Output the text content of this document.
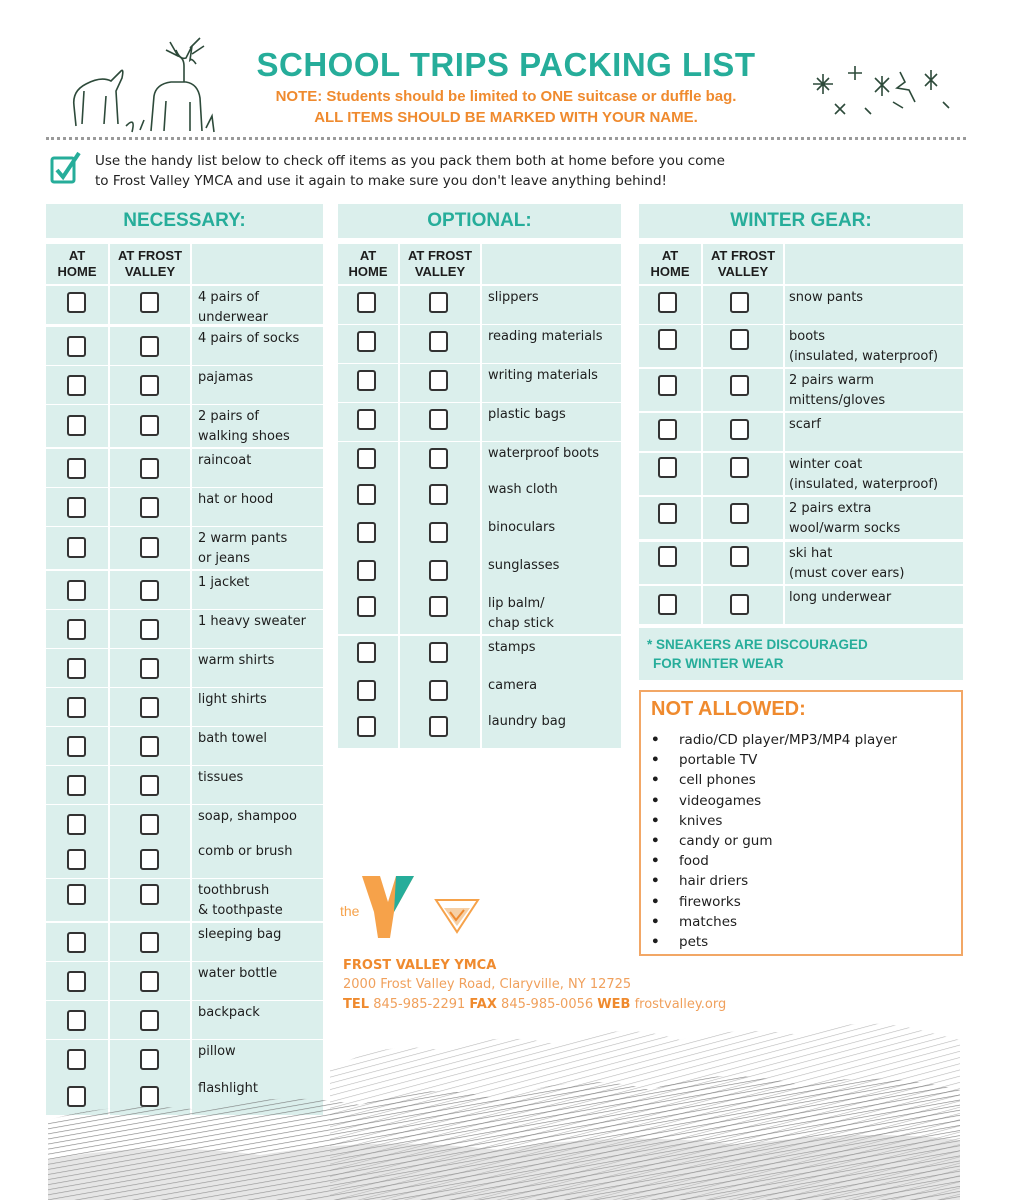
SCHOOL TRIPS PACKING LIST
NOTE: Students should be limited to ONE suitcase or duffle bag.
ALL ITEMS SHOULD BE MARKED WITH YOUR NAME.
Use the handy list below to check off items as you pack them both at home before you come
to Frost Valley YMCA and use it again to make sure you don't leave anything behind!
NECESSARY:
AT
HOME
AT FROST
VALLEY
OPTIONAL:
AT
HOME
AT FROST
VALLEY
WINTER GEAR:
AT
HOME
AT FROST
VALLEY
4 pairs of
underwear
4 pairs of socks
pajamas
2 pairs of
walking shoes
raincoat
hat or hood
2 warm pants
or jeans
1 jacket
1 heavy sweater
warm shirts
light shirts
bath towel
tissues
soap, shampoo
comb or brush
toothbrush
& toothpaste
sleeping bag
water bottle
backpack
pillow
flashlight
slippers
reading materials
writing materials
plastic bags
waterproof boots
wash cloth
binoculars
sunglasses
lip balm/
chap stick
stamps
camera
laundry bag
snow pants
boots
(insulated, waterproof)
2 pairs warm
mittens/gloves
scarf
winter coat
(insulated, waterproof)
2 pairs extra
wool/warm socks
ski hat
(must cover ears)
long underwear
* SNEAKERS ARE DISCOURAGED
FOR WINTER WEAR
NOT ALLOWED:
• radio/CD player/MP3/MP4 player
• portable TV
• cell phones
• videogames
• knives
• candy or gum
• food
• hair driers
• fireworks
• matches
• pets
the
FROST VALLEY YMCA
2000 Frost Valley Road, Claryville, NY 12725
TEL 845-985-2291 FAX 845-985-0056 WEB frostvalley.org
